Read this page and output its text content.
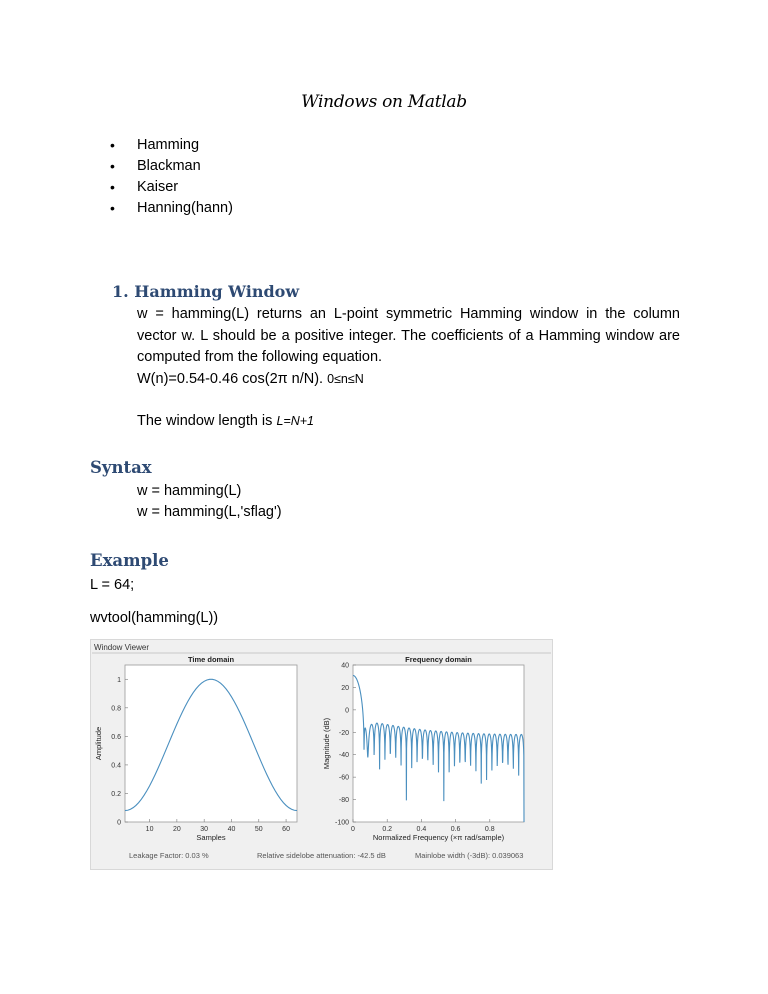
Windows on Matlab
• Hamming
• Blackman
• Kaiser
• Hanning(hann)
1. Hamming Window

w = hamming(L) returns an L-point symmetric Hamming window in the column vector w. L should be a positive integer. The coefficients of a Hamming window are computed from the following equation.

W(n)=0.54-0.46 cos(2π n/N). 0≤n≤N

The window length is L=N+1

Syntax
w = hamming(L)
w = hamming(L,'sflag')
Example
L = 64;
wvtool(hamming(L))
Window Viewer
10	20	30	40	50	60
0
0.2
0.4
0.6
0.8
1
Time domain
Samples
Amplitude
0	0.2	0.4	0.6	0.8
40
20
0
-20
-40
-60
-80
-100
Frequency domain
Normalized Frequency (×π rad/sample)
Magnitude (dB)
Leakage Factor: 0.03 %	Relative sidelobe attenuation: -42.5 dB	Mainlobe width (-3dB): 0.039063
